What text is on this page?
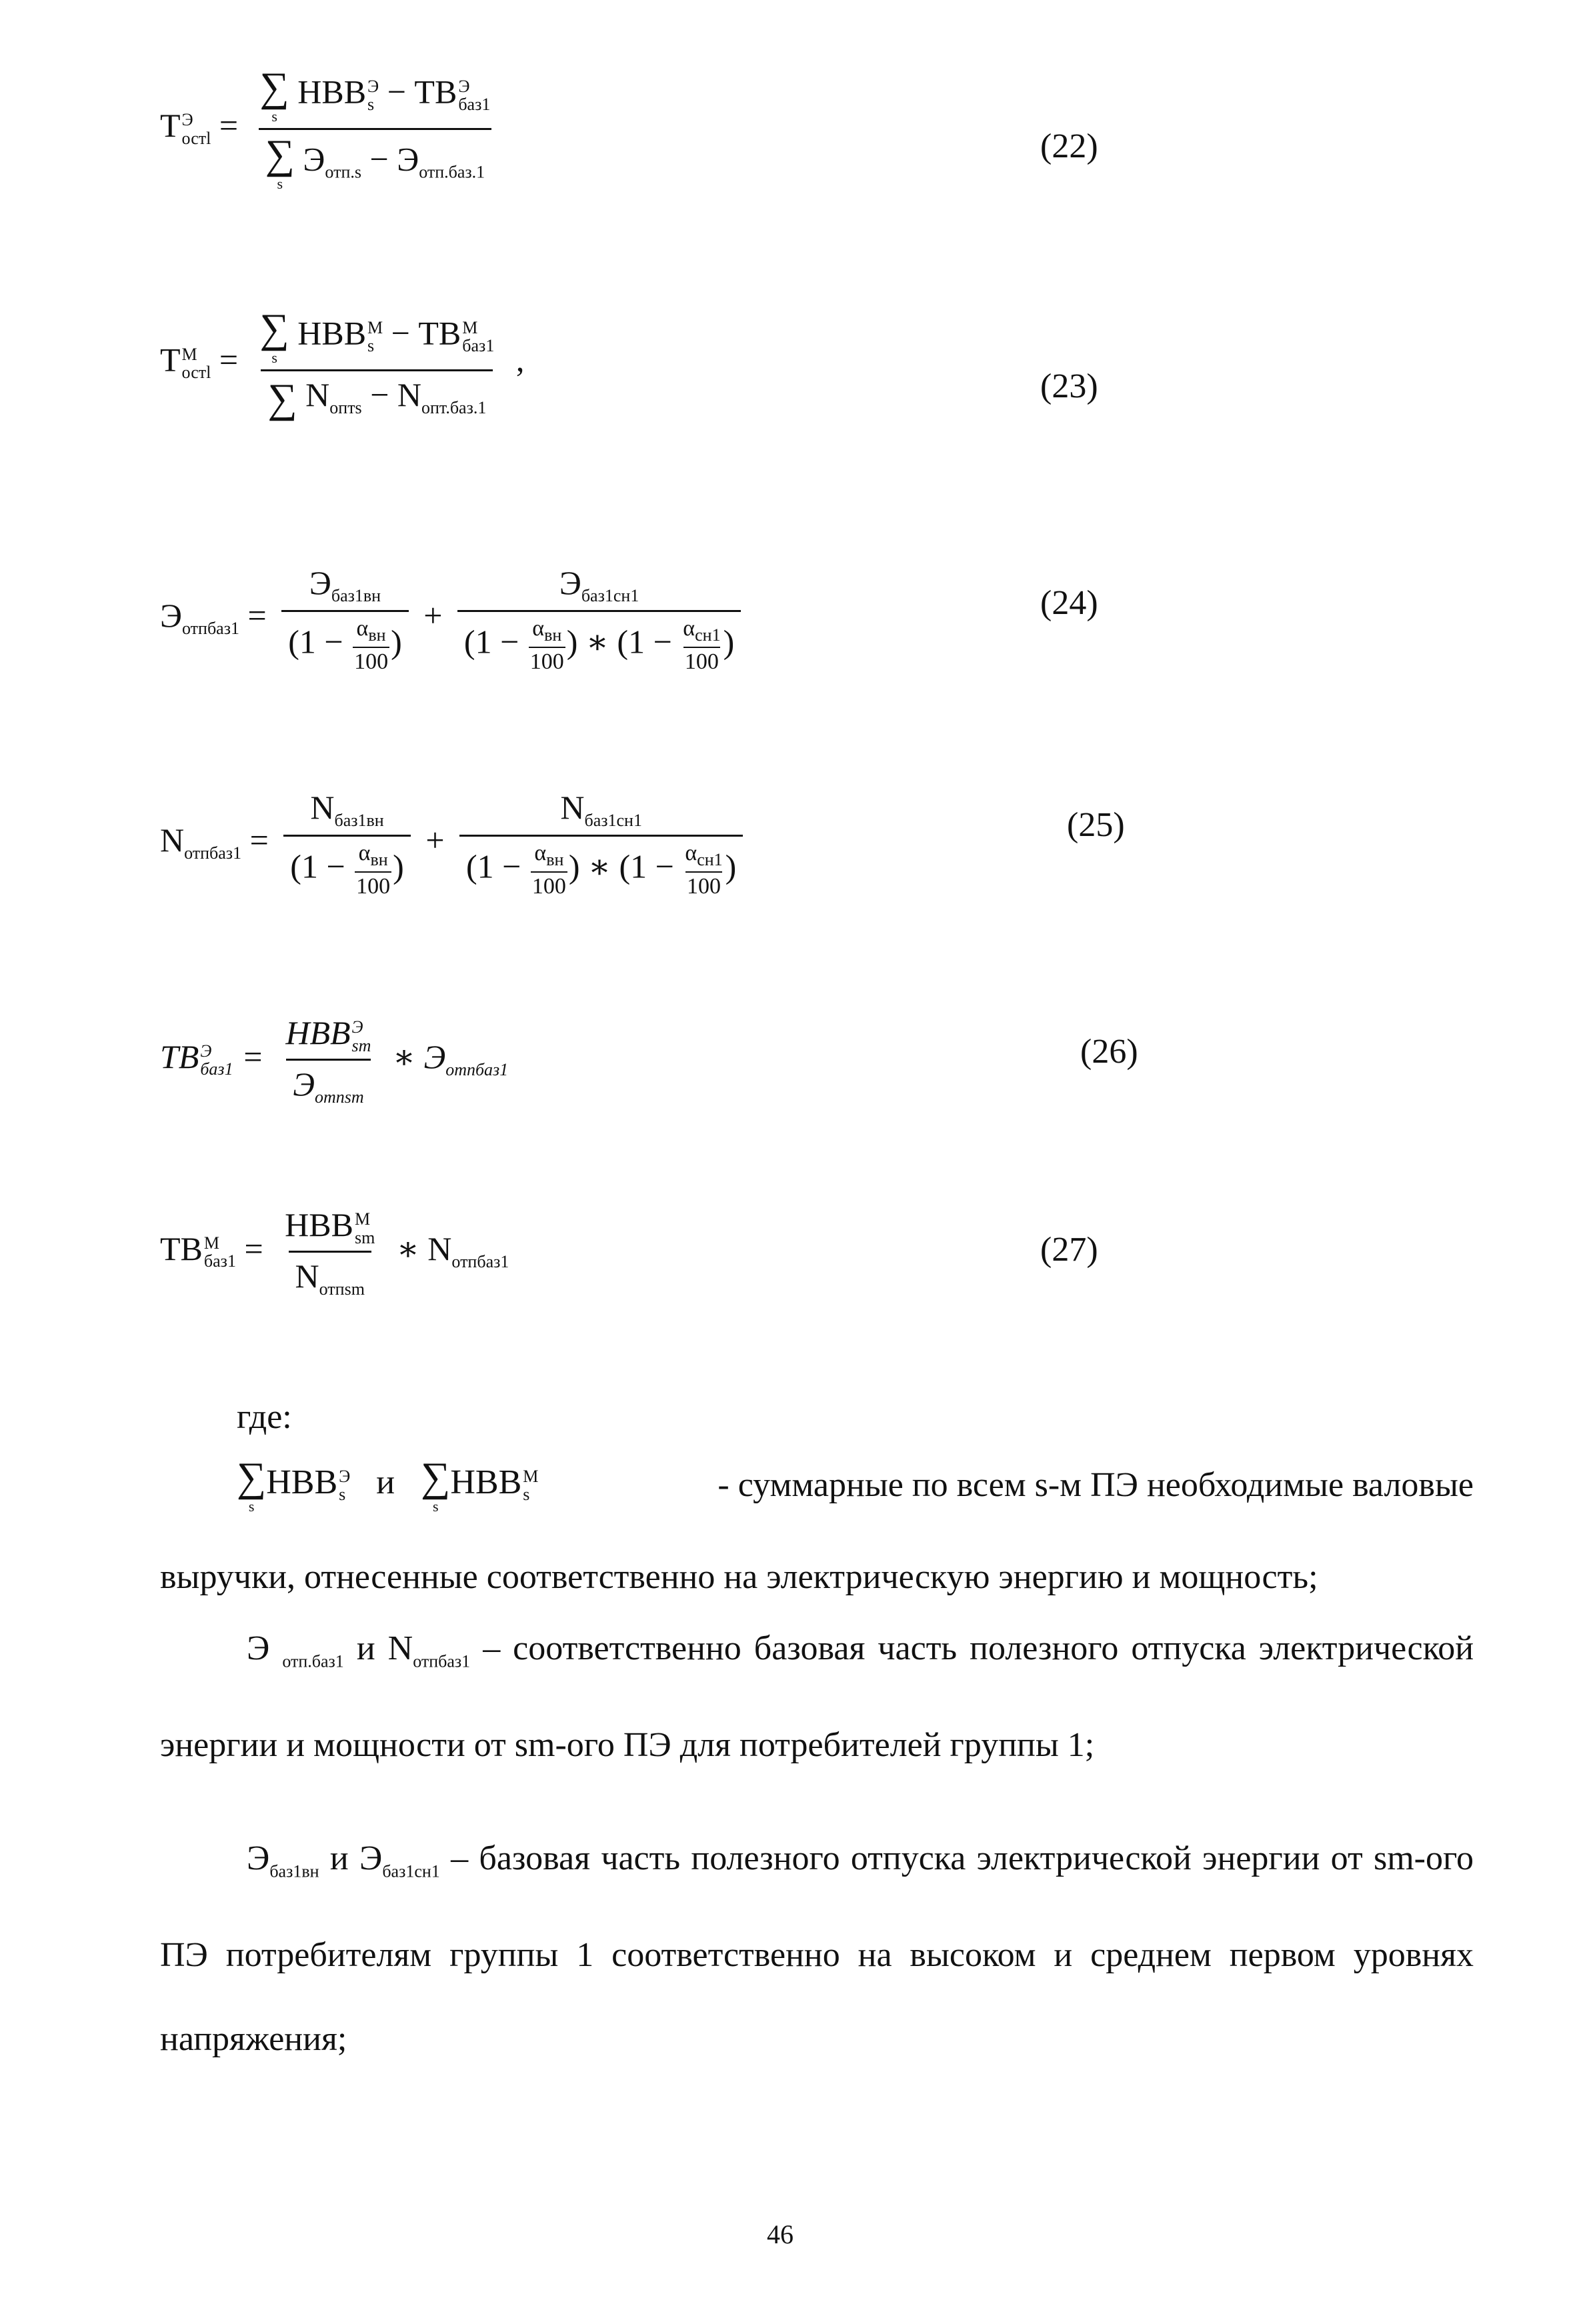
T Э
остl = ∑
s
НВВ Э
s − ТВ Э
баз1
∑
s
$Э_{отп.s} - Э_{отп.баз.1}$	(22)
T М
остl = ∑
s
НВВ М
s − ТВ М
баз1
∑ $N_{оптs} - N_{опт.баз.1}$ ,
(23)
$Э_{отпбаз1} = Э_{баз1вн}$
($1 - \alpha_{вн}$
100
) + $Э_{баз1сн1}$
($1 - \alpha_{вн}$
100
) ∗ ($1 - \alpha_{сн1}$
100
)	(24)
$N_{отпбаз1} = N_{баз1вн}$
($1 - \alpha_{вн}$
100
) + $N_{баз1сн1}$
($1 - \alpha_{вн}$
100
) ∗ ($1 - \alpha_{сн1}$
100
)	(25)
TB Э
баз1 = HBB Э
sm
$Э_{отпsm}$ ∗ $Э_{отпбаз1}$	(26)
ТВ М
баз1 = НВВ М
sm
$N_{отпsm}$ ∗ $N_{отпбаз1}$	(27)
где:
∑
s
НВВ Э
s и ∑
s
НВВ М
s	- суммарные по всем s-м ПЭ необходимые валовые
выручки, отнесенные соответственно на электрическую энергию и мощность;
Э $_{отп.баз1}$ и $N_{отпбаз1}$ – соответственно базовая часть полезного отпуска электрической энергии и мощности от sm-ого ПЭ для потребителей группы 1;
$Э_{баз1вн}$ и $Э_{баз1сн1}$ – базовая часть полезного отпуска электрической энергии от sm-ого ПЭ потребителям группы 1 соответственно на высоком и среднем первом уровнях напряжения;
46
